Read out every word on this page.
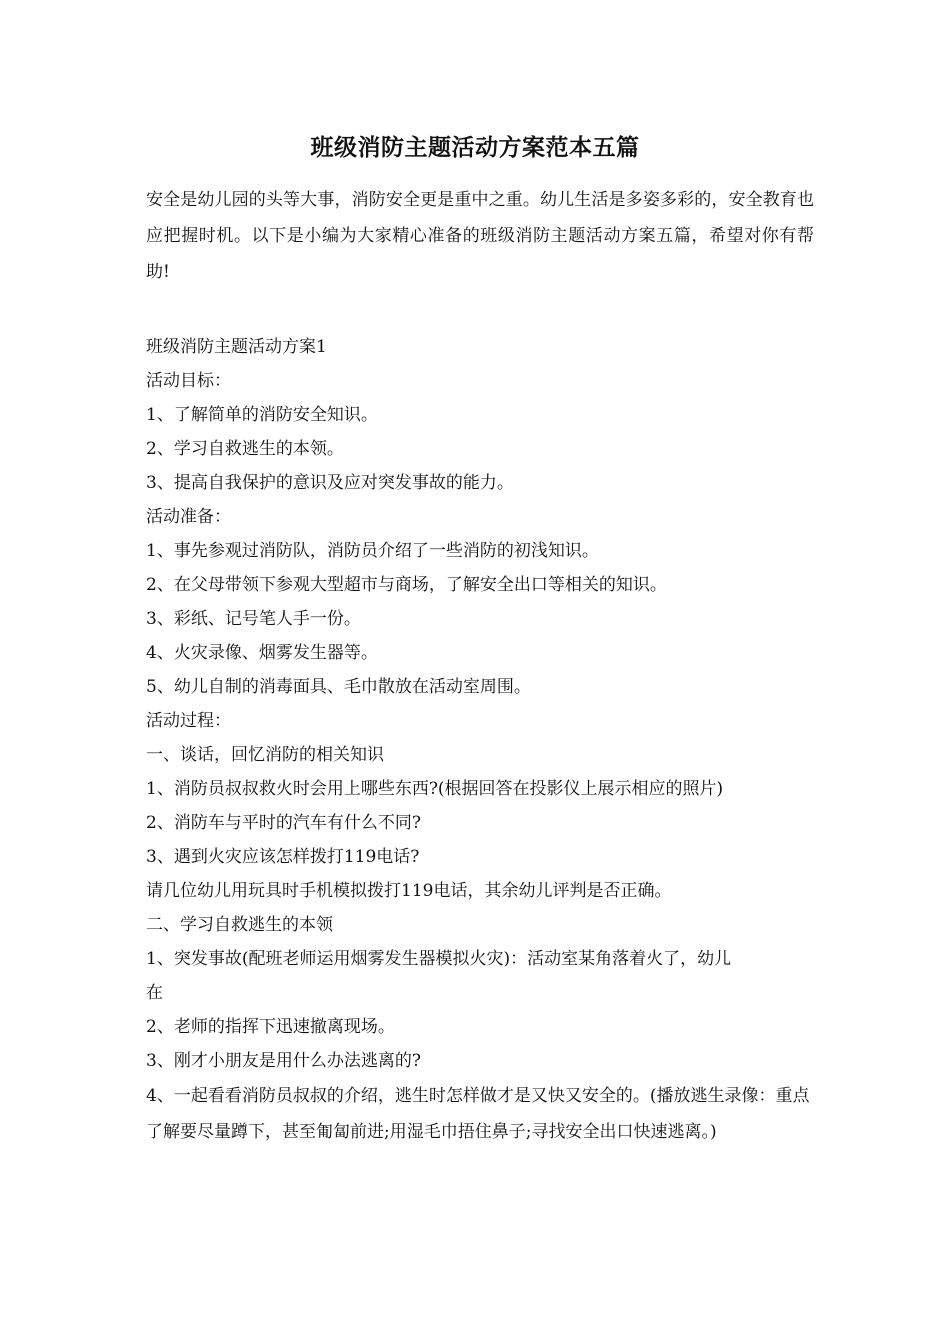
班级消防主题活动方案范本五篇

安全是幼儿园的头等大事，消防安全更是重中之重。幼儿生活是多姿多彩的，安全教育也应把握时机。以下是小编为大家精心准备的班级消防主题活动方案五篇，希望对你有帮助!

班级消防主题活动方案1
活动目标：
1、了解简单的消防安全知识。
2、学习自救逃生的本领。
3、提高自我保护的意识及应对突发事故的能力。
活动准备：
1、事先参观过消防队，消防员介绍了一些消防的初浅知识。
2、在父母带领下参观大型超市与商场，了解安全出口等相关的知识。
3、彩纸、记号笔人手一份。
4、火灾录像、烟雾发生器等。
5、幼儿自制的消毒面具、毛巾散放在活动室周围。
活动过程：
一、谈话，回忆消防的相关知识
1、消防员叔叔救火时会用上哪些东西?(根据回答在投影仪上展示相应的照片)
2、消防车与平时的汽车有什么不同?
3、遇到火灾应该怎样拨打119电话?
请几位幼儿用玩具时手机模拟拨打119电话，其余幼儿评判是否正确。
二、学习自救逃生的本领
1、突发事故(配班老师运用烟雾发生器模拟火灾)：活动室某角落着火了，幼儿
在
2、老师的指挥下迅速撤离现场。
3、刚才小朋友是用什么办法逃离的?
4、一起看看消防员叔叔的介绍，逃生时怎样做才是又快又安全的。(播放逃生录像：重点了解要尽量蹲下，甚至匍匐前进;用湿毛巾捂住鼻子;寻找安全出口快速逃离。)
